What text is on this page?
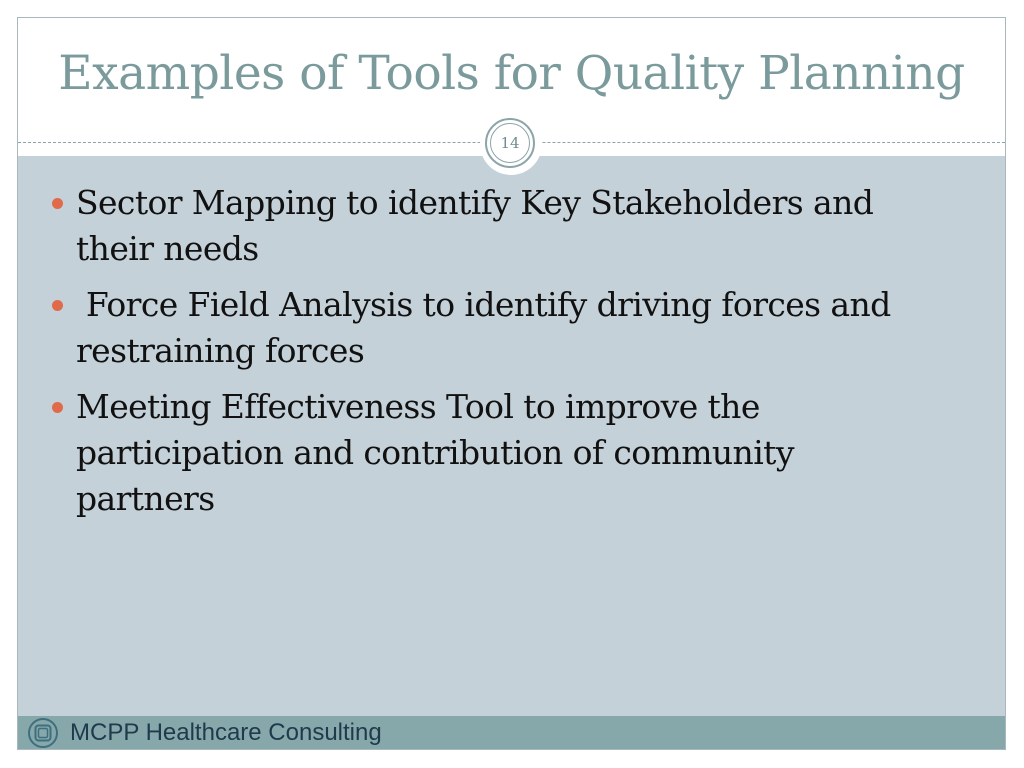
Examples of Tools for Quality Planning
14
Sector Mapping to identify Key Stakeholders and their needs
Force Field Analysis to identify driving forces and restraining forces
Meeting Effectiveness Tool to improve the participation and contribution of community partners
MCPP Healthcare Consulting
